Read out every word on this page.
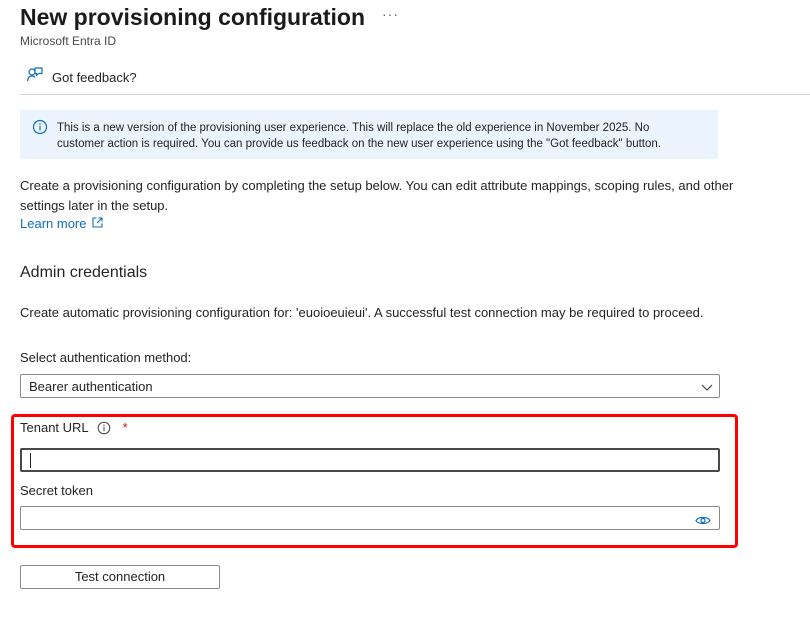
New provisioning configuration ···
Microsoft Entra ID
Got feedback?
This is a new version of the provisioning user experience. This will replace the old experience in November 2025. No customer action is required. You can provide us feedback on the new user experience using the "Got feedback" button.
Create a provisioning configuration by completing the setup below. You can edit attribute mappings, scoping rules, and other settings later in the setup.
Learn more
Admin credentials
Create automatic provisioning configuration for: 'euoioeuieui'. A successful test connection may be required to proceed.
Select authentication method:
Bearer authentication
Tenant URL	*
Secret token
Test connection
